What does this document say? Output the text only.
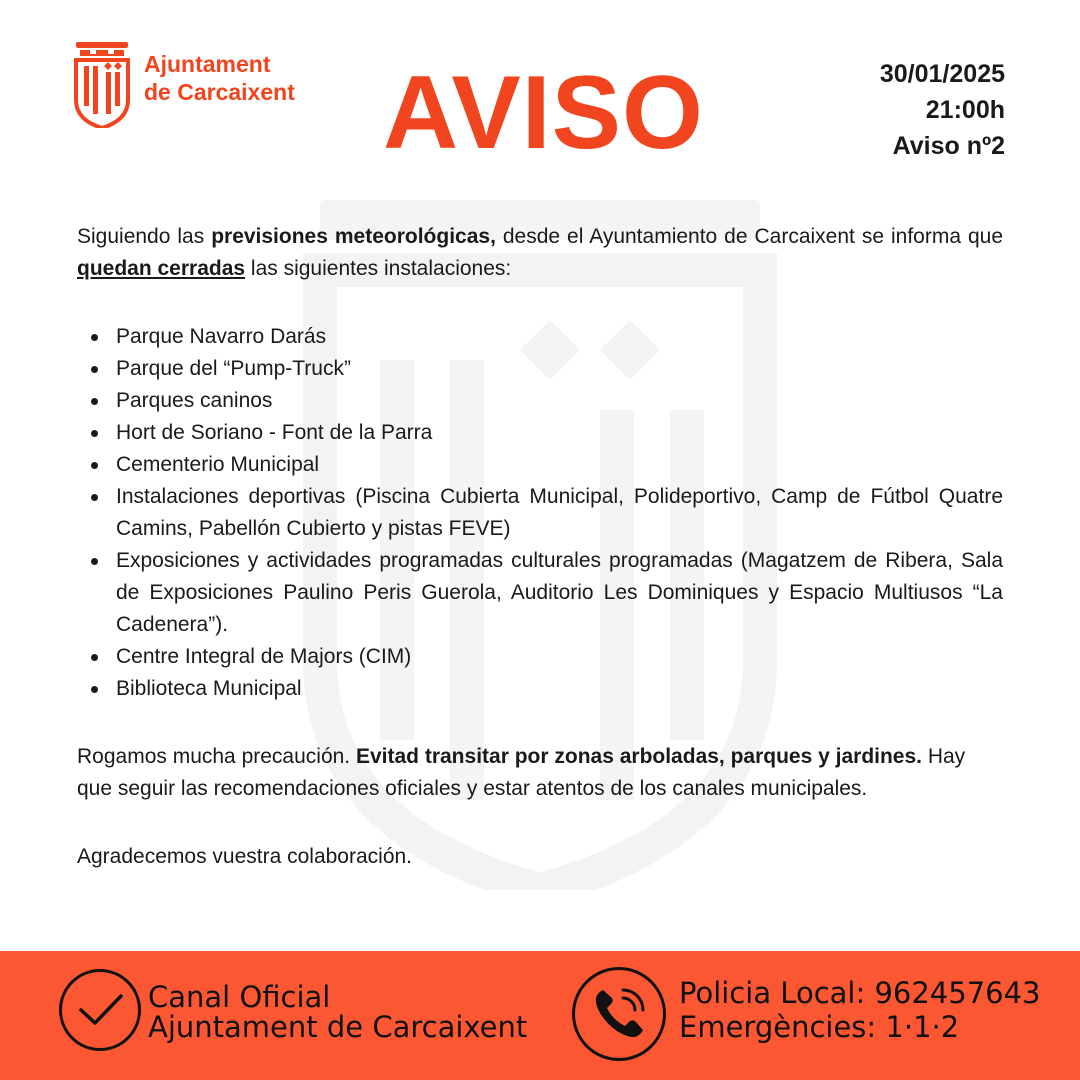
Ajuntament
de Carcaixent AVISO	30/01/2025
21:00h
Aviso nº2

Siguiendo las previsiones meteorológicas, desde el Ayuntamiento de Carcaixent se informa que quedan cerradas las siguientes instalaciones:

Parque Navarro Darás
Parque del “Pump-Truck”
Parques caninos
Hort de Soriano - Font de la Parra
Cementerio Municipal
Instalaciones deportivas (Piscina Cubierta Municipal, Polideportivo, Camp de Fútbol Quatre Camins, Pabellón Cubierto y pistas FEVE)
Exposiciones y actividades programadas culturales programadas (Magatzem de Ribera, Sala de Exposiciones Paulino Peris Guerola, Auditorio Les Dominiques y Espacio Multiusos “La Cadenera”).
Centre Integral de Majors (CIM)
Biblioteca Municipal

Rogamos mucha precaución. Evitad transitar por zonas arboladas, parques y jardines. Hay que seguir las recomendaciones oficiales y estar atentos de los canales municipales.

Agradecemos vuestra colaboración.

Canal Oficial
Ajuntament de Carcaixent
Policia Local: 962457643
Emergències: 1·1·2
